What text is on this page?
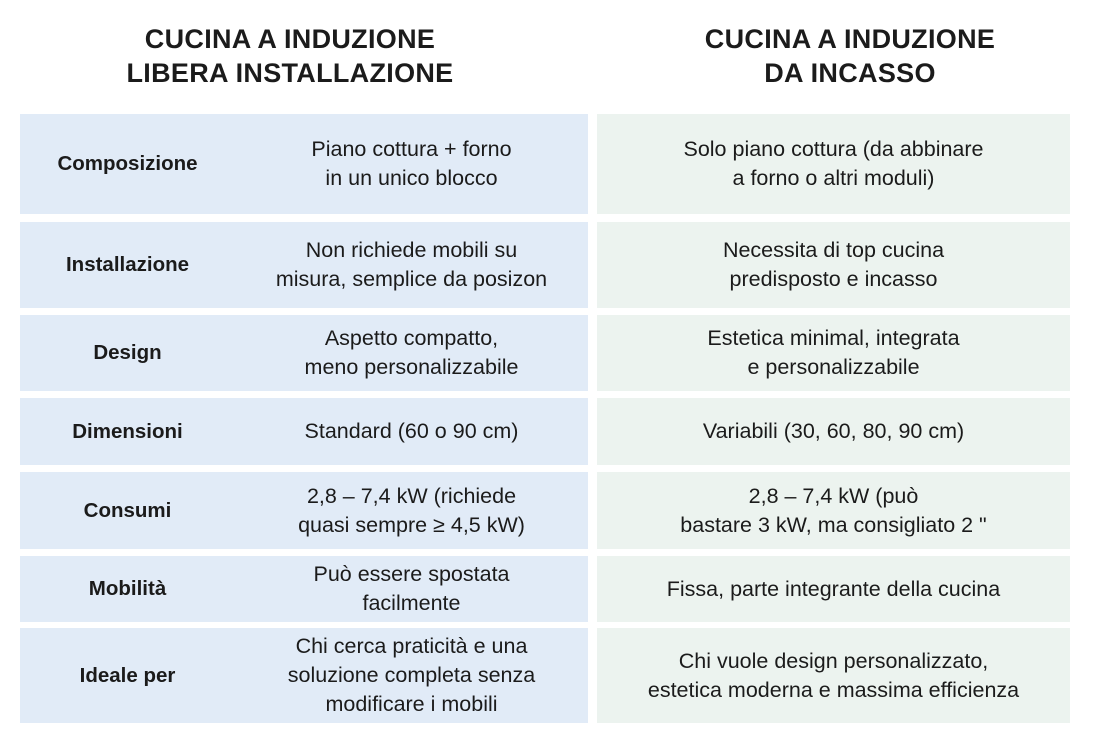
CUCINA A INDUZIONE
LIBERA INSTALLAZIONE
CUCINA A INDUZIONE
DA INCASSO
Composizione
Piano cottura + forno
in un unico blocco
Solo piano cottura (da abbinare
a forno o altri moduli)
Installazione
Non richiede mobili su
misura, semplice da posizon
Necessita di top cucina
predisposto e incasso
Design
Aspetto compatto,
meno personalizzabile
Estetica minimal, integrata
e personalizzabile
Dimensioni	Standard (60 o 90 cm)	Variabili (30, 60, 80, 90 cm)
Consumi
2,8 – 7,4 kW (richiede
quasi sempre ≥ 4,5 kW)
2,8 – 7,4 kW (può
bastare 3 kW, ma consigliato 2 "
Mobilità
Può essere spostata
facilmente
Fissa, parte integrante della cucina
Ideale per
Chi cerca praticità e una
soluzione completa senza
modificare i mobili
Chi vuole design personalizzato,
estetica moderna e massima efficienza
